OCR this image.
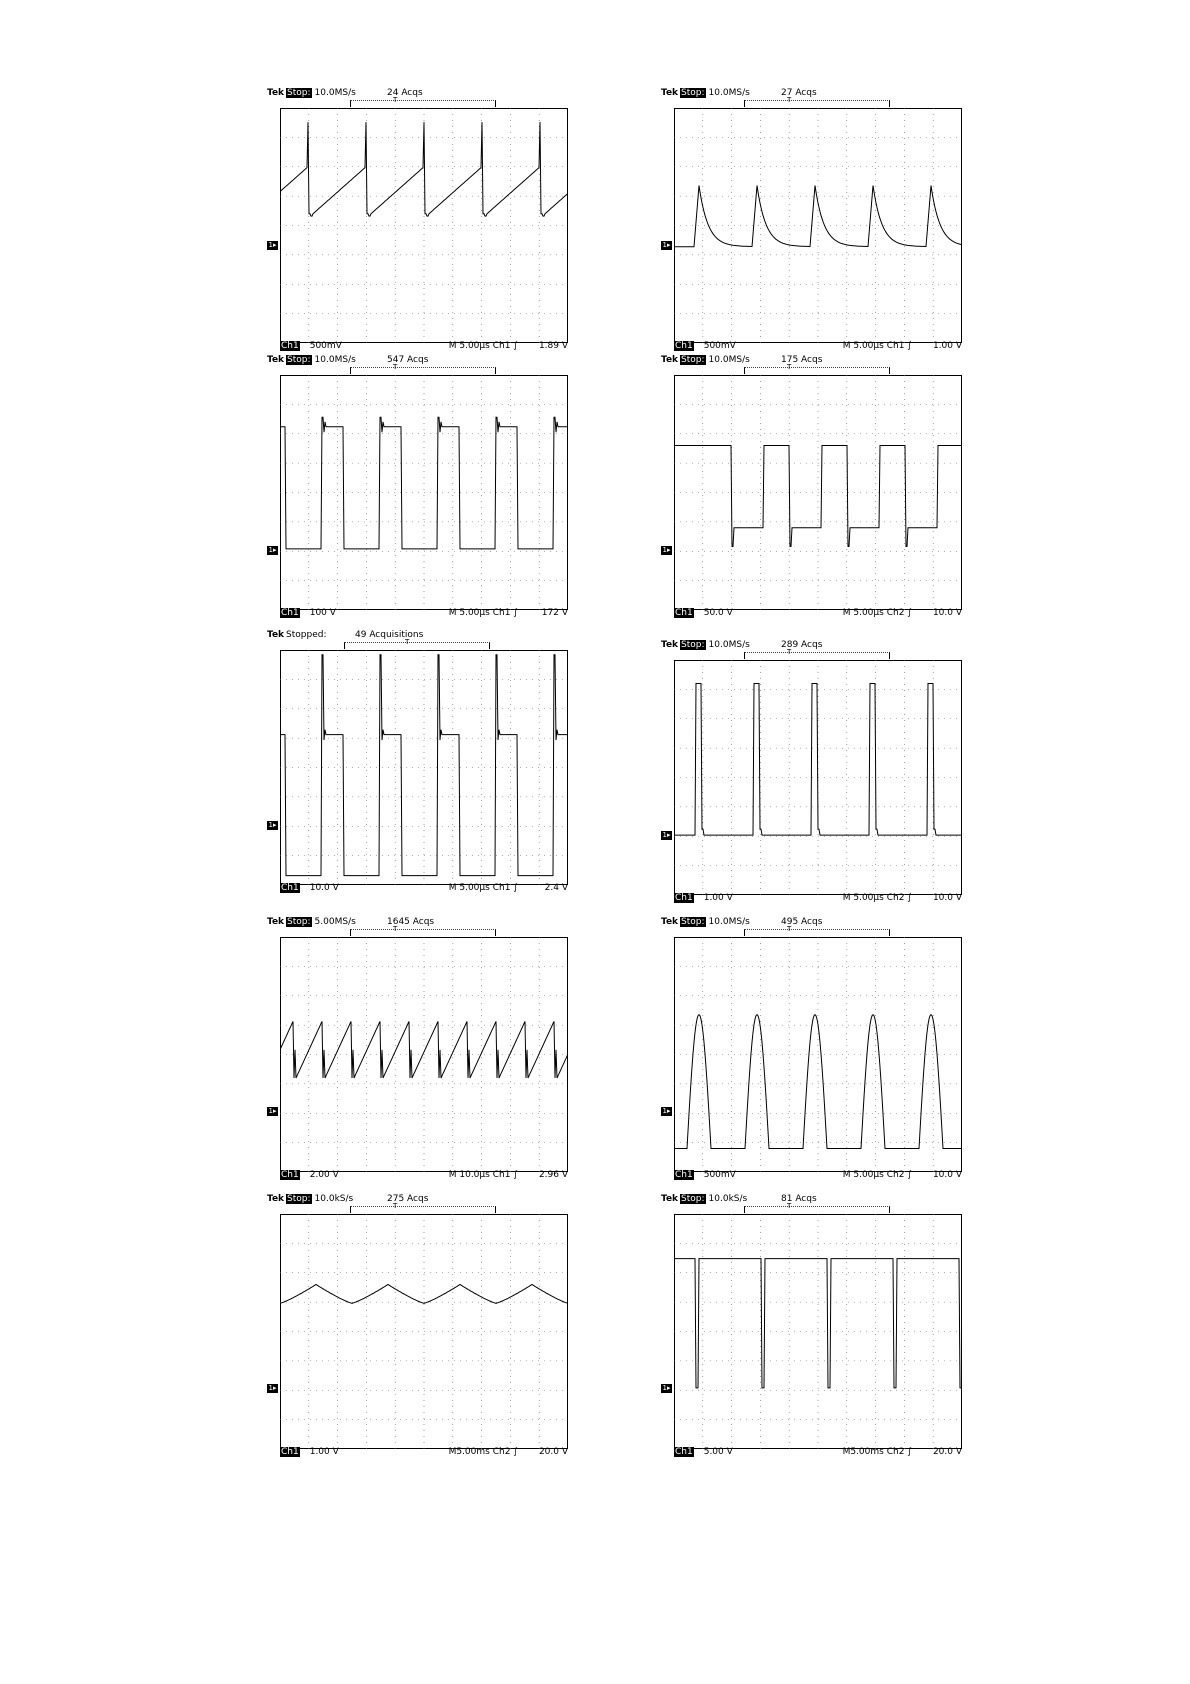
Tek Stop: 10.0MS/s	24 Acqs
T
1▸
Ch1 500mV	M 5.00µs Ch1 ∫ 1.89 V
Tek Stop: 10.0MS/s	27 Acqs
T
1▸
Ch1 500mV	M 5.00µs Ch1 ∫ 1.00 V
Tek Stop: 10.0MS/s	547 Acqs
T
1▸
Ch1 100 V	M 5.00µs Ch1 ∫	172 V
Tek Stop: 10.0MS/s	175 Acqs
T
1▸
Ch1 50.0 V	M 5.00µs Ch2 ∫ 10.0 V
Tek Stopped:	49 Acquisitions
T
1▸
Ch1 10.0 V	M 5.00µs Ch1 ∫	2.4 V
Tek Stop: 10.0MS/s	289 Acqs
T
1▸
Ch1 1.00 V	M 5.00µs Ch2 ∫ 10.0 V
Tek Stop: 5.00MS/s	1645 Acqs
T
1▸
Ch1 2.00 V	M 10.0µs Ch1 ∫ 2.96 V
Tek Stop: 10.0MS/s	495 Acqs
T
1▸
Ch1 500mV	M 5.00µs Ch2 ∫ 10.0 V
Tek Stop: 10.0kS/s	275 Acqs
T
1▸
Ch1 1.00 V	M5.00ms Ch2 ∫ 20.0 V
Tek Stop: 10.0kS/s	81 Acqs
T
1▸
Ch1 5.00 V	M5.00ms Ch2 ∫ 20.0 V
